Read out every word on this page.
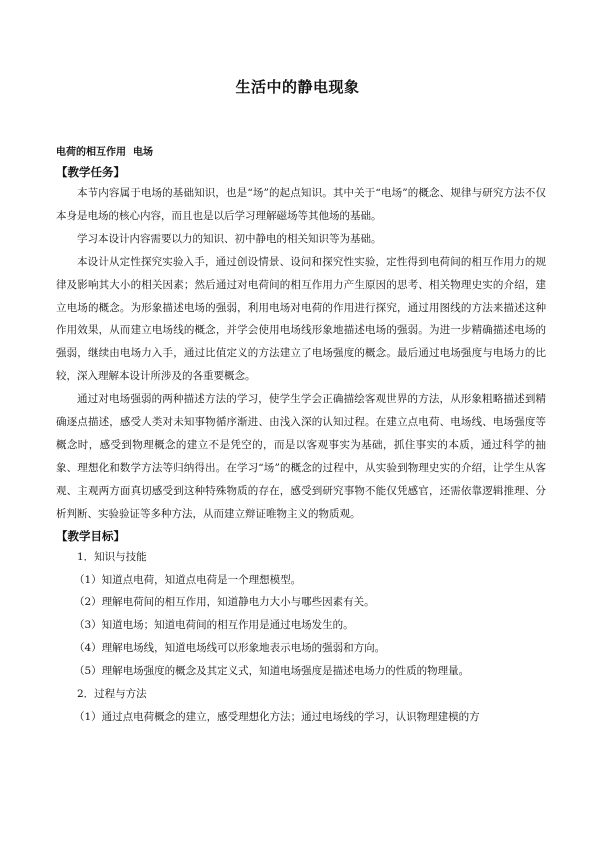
生活中的静电现象
电荷的相互作用  电场
【教学任务】

本节内容属于电场的基础知识，也是“场”的起点知识。其中关于“电场”的概念、规律与研究方法不仅本身是电场的核心内容，而且也是以后学习理解磁场等其他场的基础。

学习本设计内容需要以力的知识、初中静电的相关知识等为基础。

本设计从定性探究实验入手，通过创设情景、设问和探究性实验，定性得到电荷间的相互作用力的规律及影响其大小的相关因素；然后通过对电荷间的相互作用力产生原因的思考、相关物理史实的介绍，建立电场的概念。为形象描述电场的强弱，利用电场对电荷的作用进行探究，通过用图线的方法来描述这种作用效果，从而建立电场线的概念，并学会使用电场线形象地描述电场的强弱。为进一步精确描述电场的强弱，继续由电场力入手，通过比值定义的方法建立了电场强度的概念。最后通过电场强度与电场力的比较，深入理解本设计所涉及的各重要概念。

通过对电场强弱的两种描述方法的学习，使学生学会正确描绘客观世界的方法，从形象粗略描述到精确逐点描述，感受人类对未知事物循序渐进、由浅入深的认知过程。在建立点电荷、电场线、电场强度等概念时，感受到物理概念的建立不是凭空的，而是以客观事实为基础，抓住事实的本质，通过科学的抽象、理想化和数学方法等归纳得出。在学习“场”的概念的过程中，从实验到物理史实的介绍，让学生从客观、主观两方面真切感受到这种特殊物质的存在，感受到研究事物不能仅凭感官，还需依靠逻辑推理、分析判断、实验验证等多种方法，从而建立辩证唯物主义的物质观。

【教学目标】
1．知识与技能
（1）知道点电荷，知道点电荷是一个理想模型。
（2）理解电荷间的相互作用，知道静电力大小与哪些因素有关。
（3）知道电场；知道电荷间的相互作用是通过电场发生的。
（4）理解电场线，知道电场线可以形象地表示电场的强弱和方向。
（5）理解电场强度的概念及其定义式，知道电场强度是描述电场力的性质的物理量。
2．过程与方法
（1）通过点电荷概念的建立，感受理想化方法；通过电场线的学习，认识物理建模的方
